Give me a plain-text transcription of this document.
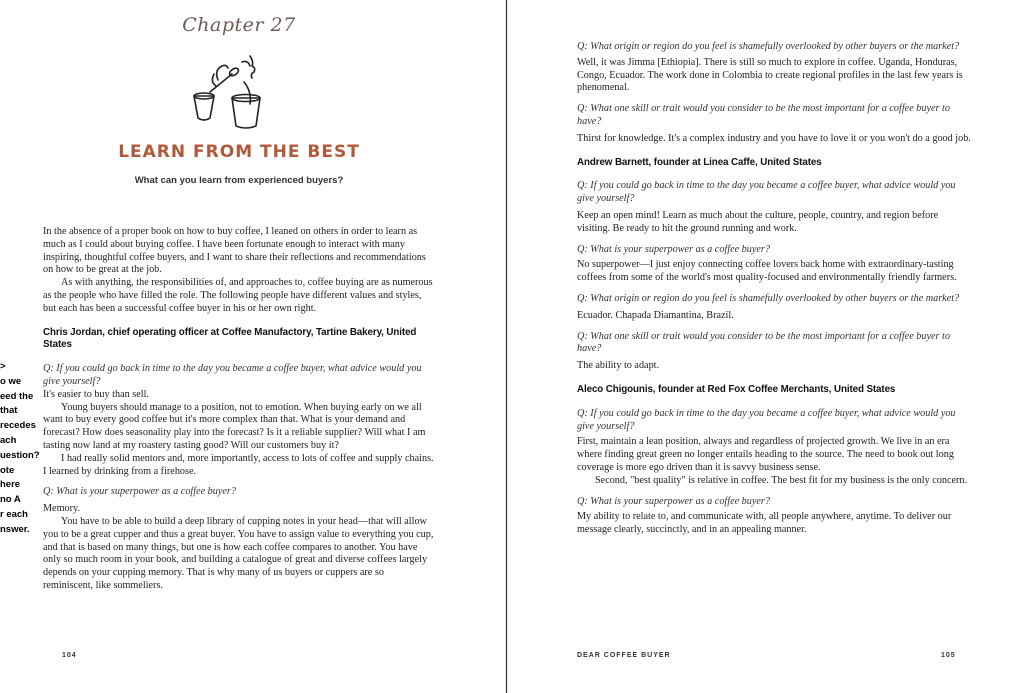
Chapter 27
LEARN FROM THE BEST
What can you learn from experienced buyers?
>
o we
eed the
that
recedes
ach
uestion?
ote
here
no A
r each
nswer.

In the absence of a proper book on how to buy coffee, I leaned on others in order to learn as much as I could about buying coffee. I have been fortunate enough to interact with many inspiring, thoughtful coffee buyers, and I want to share their reflections and recommendations on how to be great at the job.

As with anything, the responsibilities of, and approaches to, coffee buying are as numerous as the people who have filled the role. The following people have different values and styles, but each has been a successful coffee buyer in his or her own right.

Chris Jordan, chief operating officer at Coffee Manufactory, Tartine Bakery, United States

Q: If you could go back in time to the day you became a coffee buyer, what advice would you give yourself?

It's easier to buy than sell.

Young buyers should manage to a position, not to emotion. When buying early on we all want to buy every good coffee but it's more complex than that. What is your demand and forecast? How does seasonality play into the forecast? Is it a reliable supplier? Will what I am tasting now land at my roastery tasting good? Will our customers buy it?

I had really solid mentors and, more importantly, access to lots of coffee and supply chains. I learned by drinking from a firehose.

Q: What is your superpower as a coffee buyer?

Memory.

You have to be able to build a deep library of cupping notes in your head—that will allow you to be a great cupper and thus a great buyer. You have to assign value to everything you cup, and that is based on many things, but one is how each coffee compares to another. You have only so much room in your book, and building a catalogue of great and diverse coffees largely depends on your cupping memory. That is why many of us buyers or cuppers are so reminiscent, like sommeliers.

104

Q: What origin or region do you feel is shamefully overlooked by other buyers or the market?

Well, it was Jimma [Ethiopia]. There is still so much to explore in coffee. Uganda, Honduras, Congo, Ecuador. The work done in Colombia to create regional profiles in the last few years is phenomenal.

Q: What one skill or trait would you consider to be the most important for a coffee buyer to have?

Thirst for knowledge. It's a complex industry and you have to love it or you won't do a good job.

Andrew Barnett, founder at Linea Caffe, United States

Q: If you could go back in time to the day you became a coffee buyer, what advice would you give yourself?

Keep an open mind! Learn as much about the culture, people, country, and region before visiting. Be ready to hit the ground running and work.

Q: What is your superpower as a coffee buyer?

No superpower—I just enjoy connecting coffee lovers back home with extraordinary-tasting coffees from some of the world's most quality-focused and environmentally friendly farmers.

Q: What origin or region do you feel is shamefully overlooked by other buyers or the market?

Ecuador. Chapada Diamantina, Brazil.

Q: What one skill or trait would you consider to be the most important for a coffee buyer to have?

The ability to adapt.

Aleco Chigounis, founder at Red Fox Coffee Merchants, United States

Q: If you could go back in time to the day you became a coffee buyer, what advice would you give yourself?

First, maintain a lean position, always and regardless of projected growth. We live in an era where finding great green no longer entails heading to the source. The need to book out long coverage is more ego driven than it is savvy business sense.

Second, "best quality" is relative in coffee. The best fit for my business is the only concern.

Q: What is your superpower as a coffee buyer?

My ability to relate to, and communicate with, all people anywhere, anytime. To deliver our message clearly, succinctly, and in an appealing manner.

DEAR COFFEE BUYER	105
